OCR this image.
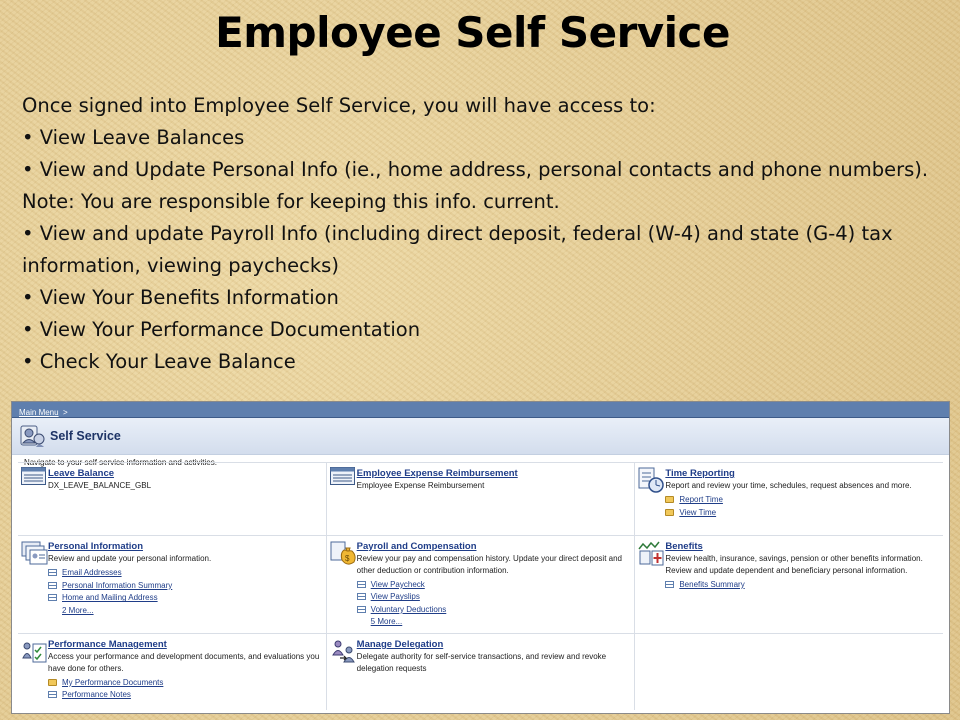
Employee Self Service
Once signed into Employee Self Service, you will have access to:
• View Leave Balances
• View and Update Personal Info (ie., home address, personal contacts and phone numbers). Note: You are responsible for keeping this info. current.
• View and update Payroll Info (including direct deposit, federal (W-4) and state (G-4) tax information, viewing paychecks)
• View Your Benefits Information
• View Your Performance Documentation
• Check Your Leave Balance
Main Menu >
Self Service
Navigate to your self service information and activities.
Leave Balance
DX_LEAVE_BALANCE_GBL
Employee Expense Reimbursement
Employee Expense Reimbursement
Time Reporting
Report and review your time, schedules, request absences and more.
Report Time
View Time
Personal Information
Review and update your personal information.
Email Addresses
Personal Information Summary
Home and Mailing Address
2 More...
$
Payroll and Compensation
Review your pay and compensation history. Update your direct deposit and other deduction or contribution information.
View Paycheck
View Payslips
Voluntary Deductions
5 More...
Benefits
Review health, insurance, savings, pension or other benefits information. Review and update dependent and beneficiary personal information.
Benefits Summary
Performance Management
Access your performance and development documents, and evaluations you have done for others.
My Performance Documents
Performance Notes
Manage Delegation
Delegate authority for self-service transactions, and review and revoke delegation requests
